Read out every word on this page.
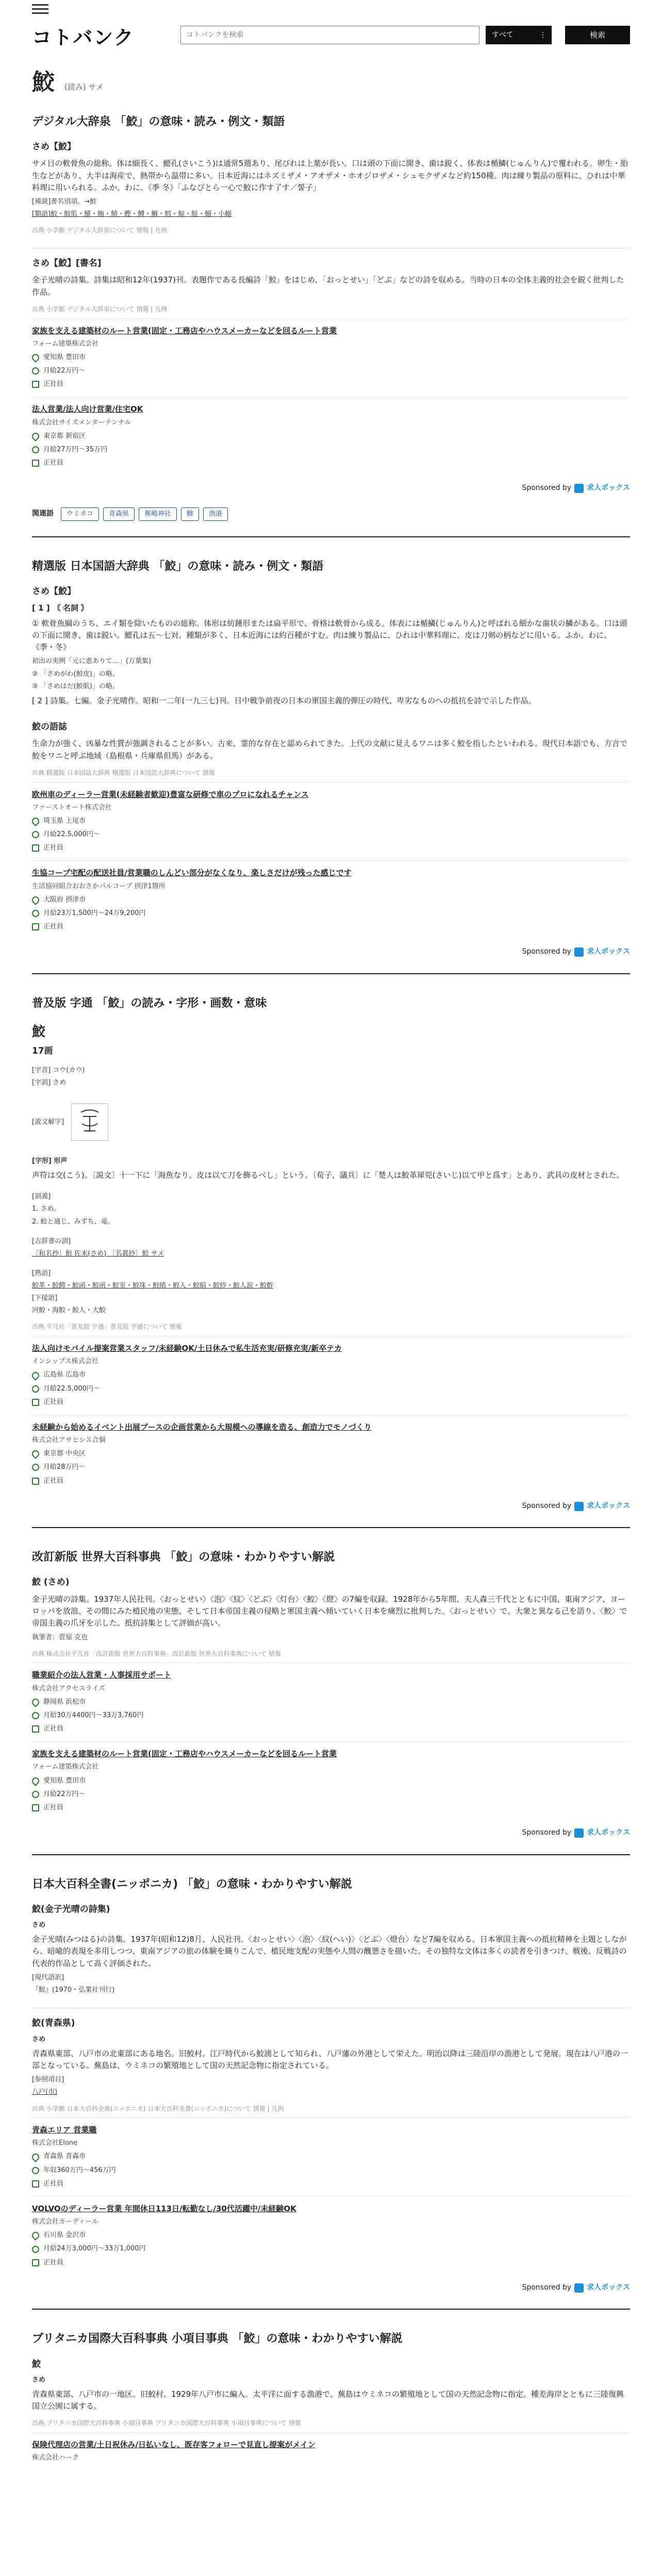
コトバンク
コトバンクを検索	すべて	⋮	検索
鮫 (読み) サメ
デジタル大辞泉 「鮫」の意味・読み・例文・類語
さめ【鮫】
サメ目の軟骨魚の総称。体は細長く、鰓孔(さいこう)は通常5週あり、尾びれは上葉が長い。口は頭の下面に開き、歯は鋭く、体表は楯鱗(じゅんりん)で覆われる。卵生・胎生などがあり、大半は海産で、熱帯から温帯に多い。日本近海にはネズミザメ・アオザメ・ホオジロザメ・シュモクザメなど約150種。肉は練り製品の原料に、ひれは中華料理に用いられる。ふか。わに。《季 冬》「ふなびとら一心で鮫に作す了す／誓子」
[補説]書名別項。→鮫
[類語]鮫・鮫肌・鱶・鮪・鯖・鰹・鱒・鯛・鱈・鯨・鮭・鰯・小鰯
出典 小学館 デジタル大辞泉について 情報 | 凡例
さめ【鮫】[書名]
金子光晴の詩集。詩集は昭和12年(1937)刊。表題作である長編詩「鮫」をはじめ、「おっとせい」「どぶ」などの詩を収める。当時の日本の全体主義的社会を鋭く批判した作品。
出典 小学館 デジタル大辞泉について 情報 | 凡例
家族を支える建築材のルート営業(固定・工務店やハウスメーカーなどを回るルート営業
フォーム建築株式会社
愛知県 豊田市
月給22万円〜
正社員
法人営業/法人向け営業/住宅OK
株式会社サイズメンターテンナル
東京都 新宿区
月給27万円〜35万円
正社員
Sponsored by 求人ボックス
関連語	ウミネコ	青森県	蕪嶋神社	鰺	漁港
精選版 日本国語大辞典 「鮫」の意味・読み・例文・類語
さめ【鮫】
[ 1 ] 〘 名詞 〙
① 軟骨魚綱のうち、エイ類を除いたものの総称。体形は紡錘形または扁平形で、骨格は軟骨から成る。体表には楯鱗(じゅんりん)と呼ばれる細かな歯状の鱗がある。口は頭の下面に開き、歯は鋭い。鰓孔は五〜七対。種類が多く、日本近海には約百種がすむ。肉は練り製品に、ひれは中華料理に、皮は刀剣の柄などに用いる。ふか。わに。《季・冬》
初出の実例「元に恵ありて…」(万葉集)
② 「さめがわ(鮫皮)」の略。
③ 「さめはだ(鮫肌)」の略。
[ 2 ] 詩集。七編。金子光晴作。昭和一二年(一九三七)刊。日中戦争前夜の日本の軍国主義的弾圧の時代、卑劣なものへの抵抗を詩で示した作品。
鮫の語誌
生命力が強く、凶暴な性質が強調されることが多い。古来、霊的な存在と認められてきた。上代の文献に見えるワニは多く鮫を指したといわれる。現代日本語でも、方言で鮫をワニと呼ぶ地域（島根県・兵庫県但馬）がある。
出典 精選版 日本国語大辞典 精選版 日本国語大辞典について 情報
欧州車のディーラー営業(未経験者歓迎)豊富な研修で車のプロになれるチャンス
ファーストオート株式会社
埼玉県 上尾市
月給22.5,000円〜
正社員
生協コープ宅配の配送社員/営業職のしんどい部分がなくなり、楽しさだけが残った感じです
生活協同組合おおさかパルコープ 摂津1箇所
大阪府 摂津市
月給23万1,500円〜24万9,200円
正社員
Sponsored by 求人ボックス
普及版 字通 「鮫」の読み・字形・画数・意味
鮫
17画
[字音] コウ(カウ)
[字訓] さめ
[説文解字]
[字形] 形声
声符は交(こう)。〔説文〕十一下に「海魚なり。皮は以て刀を飾るべし」という。〔荀子、議兵〕に「楚人は鮫革犀兕(さいじ)以て甲と爲す」とあり、武具の皮材とされた。
[訓義]
1. さめ。
2. 蛟と通じ、みずち、竜。
[古辞書の訓]
〔和名抄〕鮫 佐米(さめ) 〔名義抄〕鮫 サメ
[熟語]
鮫革・鮫鰐・鮫函・鮫函・鮫室・鮫珠・鮫綃・鮫人・鮫絹・鮫紗・鮫人涙・鮫鮓
[下接語]
河鮫・海鮫・鮫人・大鮫
出典 平凡社「普及版 字通」普及版 字通について 情報
法人向けモバイル提案営業スタッフ/未経験OK/土日休みで私生活充実/研修充実/新卒テカ
インシップス株式会社
広島県 広島市
月給22.5,000円〜
正社員
未経験から始めるイベント出展ブースの企画営業から大規模への導線を造る、創造力でモノづくり
株式会社アサヒシス合個
東京都 中央区
月給28万円〜
正社員
Sponsored by 求人ボックス
改訂新版 世界大百科事典 「鮫」の意味・わかりやすい解説
鮫 (さめ)
金子光晴の詩集。1937年人民社刊。〈おっとせい〉〈泡〉〈紋〉〈どぶ〉〈灯台〉〈鮫〉〈燈〉の7編を収録。1928年から5年間、夫人森三千代とともに中国、東南アジア、ヨーロッパを放浪、その間にみた植民地の実態、そして日本帝国主義の侵略と軍国主義へ傾いていく日本を痛烈に批判した。〈おっとせい〉で、大衆と異なる己を語り、〈鮫〉で帝国主義の爪牙を示した。抵抗詩集として評価が高い。
執筆者：菅原 克也
出典 株式会社平凡社「改訂新版 世界大百科事典」改訂新版 世界大百科事典について 情報
職業紹介の法人営業・人事採用サポート
株式会社アクセスライズ
静岡県 浜松市
月給30万4400円〜33万3,760円
正社員
家族を支える建築材のルート営業(固定・工務店やハウスメーカーなどを回るルート営業
フォーム建築株式会社
愛知県 豊田市
月給22万円〜
正社員
Sponsored by 求人ボックス
日本大百科全書(ニッポニカ) 「鮫」の意味・わかりやすい解説
鮫(金子光晴の詩集)
さめ
金子光晴(みつはる)の詩集。1937年(昭和12)8月、人民社刊。〈おっとせい〉〈泡〉〈紋(へい)〉〈どぶ〉〈燈台〉など7編を収める。日本軍国主義への抵抗精神を主題としながら、暗喩的表現を多用しつつ、東南アジアの旅の体験を織りこんで、植民地支配の実態や人間の醜悪さを描いた。その独特な文体は多くの読者を引きつけ、戦後、反戦詩の代表的作品として高く評価された。
[現代語訳]
『鮫』(1970・弘業社刊行)
鮫(青森県)
さめ
青森県東部、八戸市の北東部にある地名。旧鮫村。江戸時代から鮫浦として知られ、八戸藩の外港として栄えた。明治以降は三陸沿岸の漁港として発展。現在は八戸港の一部となっている。蕪島は、ウミネコの繁殖地として国の天然記念物に指定されている。
[参照項目]
八戸(市)
出典 小学館 日本大百科全書(ニッポニカ) 日本大百科全書(ニッポニカ)について 情報 | 凡例
青森エリア 営業職
株式会社Elone
青森県 青森市
年収360万円〜456万円
正社員
VOLVOのディーラー営業 年間休日113日/転勤なし/30代活躍中/未経験OK
株式会社カーディール
石川県 金沢市
月給24万3,000円〜33万1,000円
正社員
Sponsored by 求人ボックス
ブリタニカ国際大百科事典 小項目事典 「鮫」の意味・わかりやすい解説
鮫
さめ
青森県東部、八戸市の一地区。旧鮫村。1929年八戸市に編入。太平洋に面する漁港で、蕪島はウミネコの繁殖地として国の天然記念物に指定。種差海岸とともに三陸復興国立公園に属する。
出典 ブリタニカ国際大百科事典 小項目事典 ブリタニカ国際大百科事典 小項目事典について 情報
保険代理店の営業/土日祝休み/日払いなし、既存客フォローで見直し提案がメイン
株式会社ハーク
